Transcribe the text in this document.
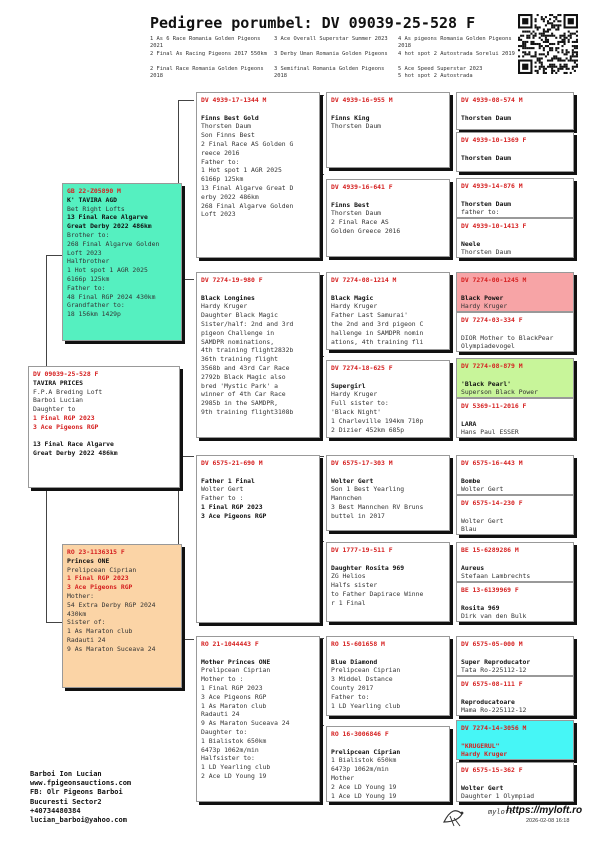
Pedigree porumbel: DV 09039-25-528 F
1 As 6 Race Romania Golden Pigeons 2021
2 Final As Racing Pigeons 2017 550km
2 Final Race Romania Golden Pigeons 2018
3 Ace Overall Superstar Summer 2023
3 Derby Uman Romania Golden Pigeons
3 Semifinal Romania Golden Pigeons 2018
4 As pigeons Romania Golden Pigeons 2018
4 hot spot 2 Autostrada Sorelui 2019
5 Ace Speed Superstar 2023
5 hot spot 2 Autostrada
DV 09039-25-528 F
TAVIRA PRICES
F.P.A Breding Loft
Barboi Lucian
Daughter to
1 Final RGP 2023
3 Ace Pigeons RGP

13 Final Race Algarve
Great Derby 2022 486km
GB 22-Z05890 M
K' TAVIRA AGD
Bet Right Lofts
13 Final Race Algarve
Great Derby 2022 486km
Brother to:
268 Final Algarve Golden
Loft 2023
Halfbrother
1 Hot spot 1 AGR 2025
6166p 125km
Father to:
48 Final RGP 2024 430km
Grandfather to:
18 156km 1429p
RO 23-1136315 F
Princes ONE
Prelipcean Ciprian
1 Final RGP 2023
3 Ace Pigeons RGP
Mother:
54 Extra Derby RGP 2024
430km
Sister of:
1 As Maraton club
Radauti 24
9 As Maraton Suceava 24
DV 4939-17-1344 M

Finns Best Gold
Thorsten Daum
Son Finns Best
2 Final Race AS Golden G
reece 2016
Father to:
1 Hot spot 1 AGR 2025
6166p 125km
13 Final Algarve Great D
erby 2022 486km
268 Final Algarve Golden
Loft 2023
DV 7274-19-980 F

Black Longines
Hardy Kruger
Daughter Black Magic
Sister/half: 2nd and 3rd
pigeon Challenge in
SAMDPR nominations,
4th training flight2832b
36th training flight
3568b and 43rd Car Race
2792b Black Magic also
bred 'Mystic Park' a
winner of 4th Car Race
2985b in the SAMDPR,
9th training flight3108b
DV 6575-21-690 M

Father 1 Final
Wolter Gert
Father to :
1 Final RGP 2023
3 Ace Pigeons RGP
RO 21-1044443 F

Mother Princes ONE
Prelipcean Ciprian
Mother to :
1 Final RGP 2023
3 Ace Pigeons RGP
1 As Maraton club
Radauti 24
9 As Maraton Suceava 24
Daughter to:
1 Bialistok 650km
6473p 1062m/min
Halfsister to:
1 LD Yearling club
2 Ace LD Young 19
DV 4939-16-955 M

Finns King
Thorsten Daum
DV 4939-16-641 F

Finns Best
Thorsten Daum
2 Final Race AS
Golden Greece 2016
DV 7274-08-1214 M

Black Magic
Hardy Kruger
Father Last Samurai'
the 2nd and 3rd pigeon C
hallenge in SAMDPR nomin
ations, 4th training fli
DV 7274-18-625 F

Supergirl
Hardy Kruger
Full sister to:
'Black Night'
1 Charleville 194km 710p
2 Dizier 452km 685p
DV 6575-17-303 M

Wolter Gert
Son 1 Best Yearling
Mannchen
3 Best Mannchen RV Bruns
buttel in 2017
DV 1777-19-511 F

Daughter Rosita 969
ZG Helios
Halfs sister
to Father Dapirace Winne
r 1 Final
RO 15-601658 M

Blue Diamond
Prelipcean Ciprian
3 Middel Dstance
County 2017
Father to:
1 LD Yearling club
RO 16-3006846 F

Prelipcean Ciprian
1 Bialistok 650km
6473p 1062m/min
Mother
2 Ace LD Young 19
1 Ace LD Young 19
DV 4939-08-574 M

Thorsten Daum
DV 4939-10-1369 F

Thorsten Daum
DV 4939-14-876 M

Thorsten Daum
father to:
DV 4939-10-1413 F

Neele
Thorsten Daum
DV 7274-00-1245 M

Black Power
Hardy Kruger
DV 7274-03-334 F

DIOR Mother to BlackPear
Olympiadevogel
DV 7274-08-879 M

'Black Pearl'
Superson Black Power
DV 5369-11-2016 F

LARA
Hans Paul ESSER
DV 6575-16-443 M

Bombe
Wolter Gert
DV 6575-14-230 F

Wolter Gert
Blau
BE 15-6289286 M

Aureus
Stefaan Lambrechts
BE 13-6139969 F

Rosita 969
Dirk van den Bulk
DV 6575-05-000 M

Super Reproducator
Tata Ro-225112-12
DV 6575-08-111 F

Reproducatoare
Mama Ro-225112-12
DV 7274-14-3056 M

"KRUGERUL"
Hardy Kruger
DV 6575-15-362 F

Wolter Gert
Daughter 1 Olympiad
Barboi Ion Lucian
www.fpigeonsauctions.com
FB: Olr Pigeons Barboi
Bucuresti Sector2
+40734480384
lucian_barboi@yahoo.com
myloft
https://myloft.ro
2026-02-08 16:18
